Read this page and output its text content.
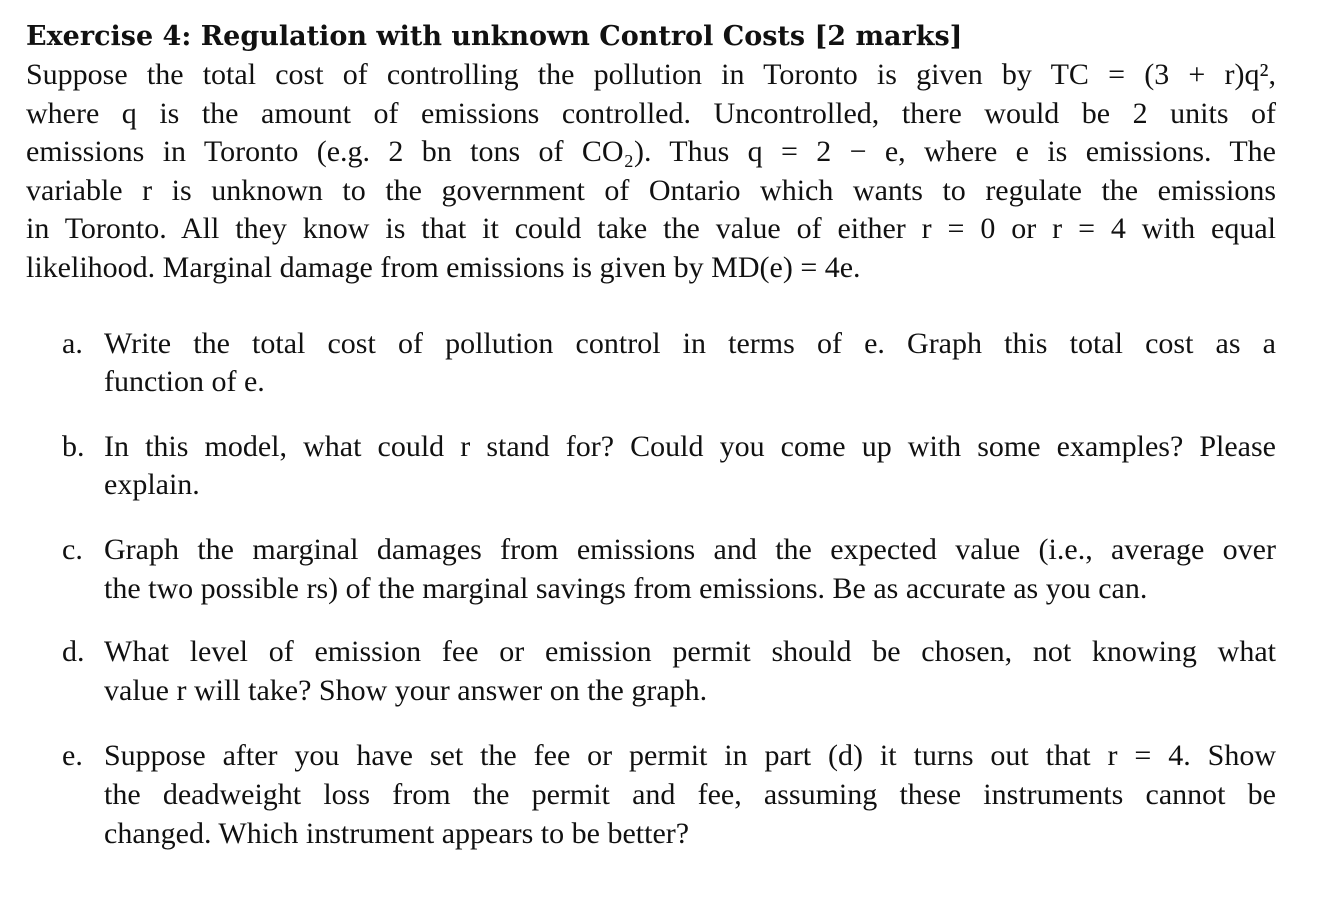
Exercise 4: Regulation with unknown Control Costs [2 marks]

Suppose the total cost of controlling the pollution in Toronto is given by TC = (3 + r)q²,
where q is the amount of emissions controlled. Uncontrolled, there would be 2 units of
emissions in Toronto (e.g. 2 bn tons of CO₂). Thus q = 2 − e, where e is emissions. The
variable r is unknown to the government of Ontario which wants to regulate the emissions
in Toronto. All they know is that it could take the value of either r = 0 or r = 4 with equal
likelihood. Marginal damage from emissions is given by MD(e) = 4e.

a. Write the total cost of pollution control in terms of e. Graph this total cost as a
function of e.
b. In this model, what could r stand for? Could you come up with some examples? Please
explain.
c. Graph the marginal damages from emissions and the expected value (i.e., average over
the two possible rs) of the marginal savings from emissions. Be as accurate as you can.
d. What level of emission fee or emission permit should be chosen, not knowing what
value r will take? Show your answer on the graph.
e. Suppose after you have set the fee or permit in part (d) it turns out that r = 4. Show
the deadweight loss from the permit and fee, assuming these instruments cannot be
changed. Which instrument appears to be better?
